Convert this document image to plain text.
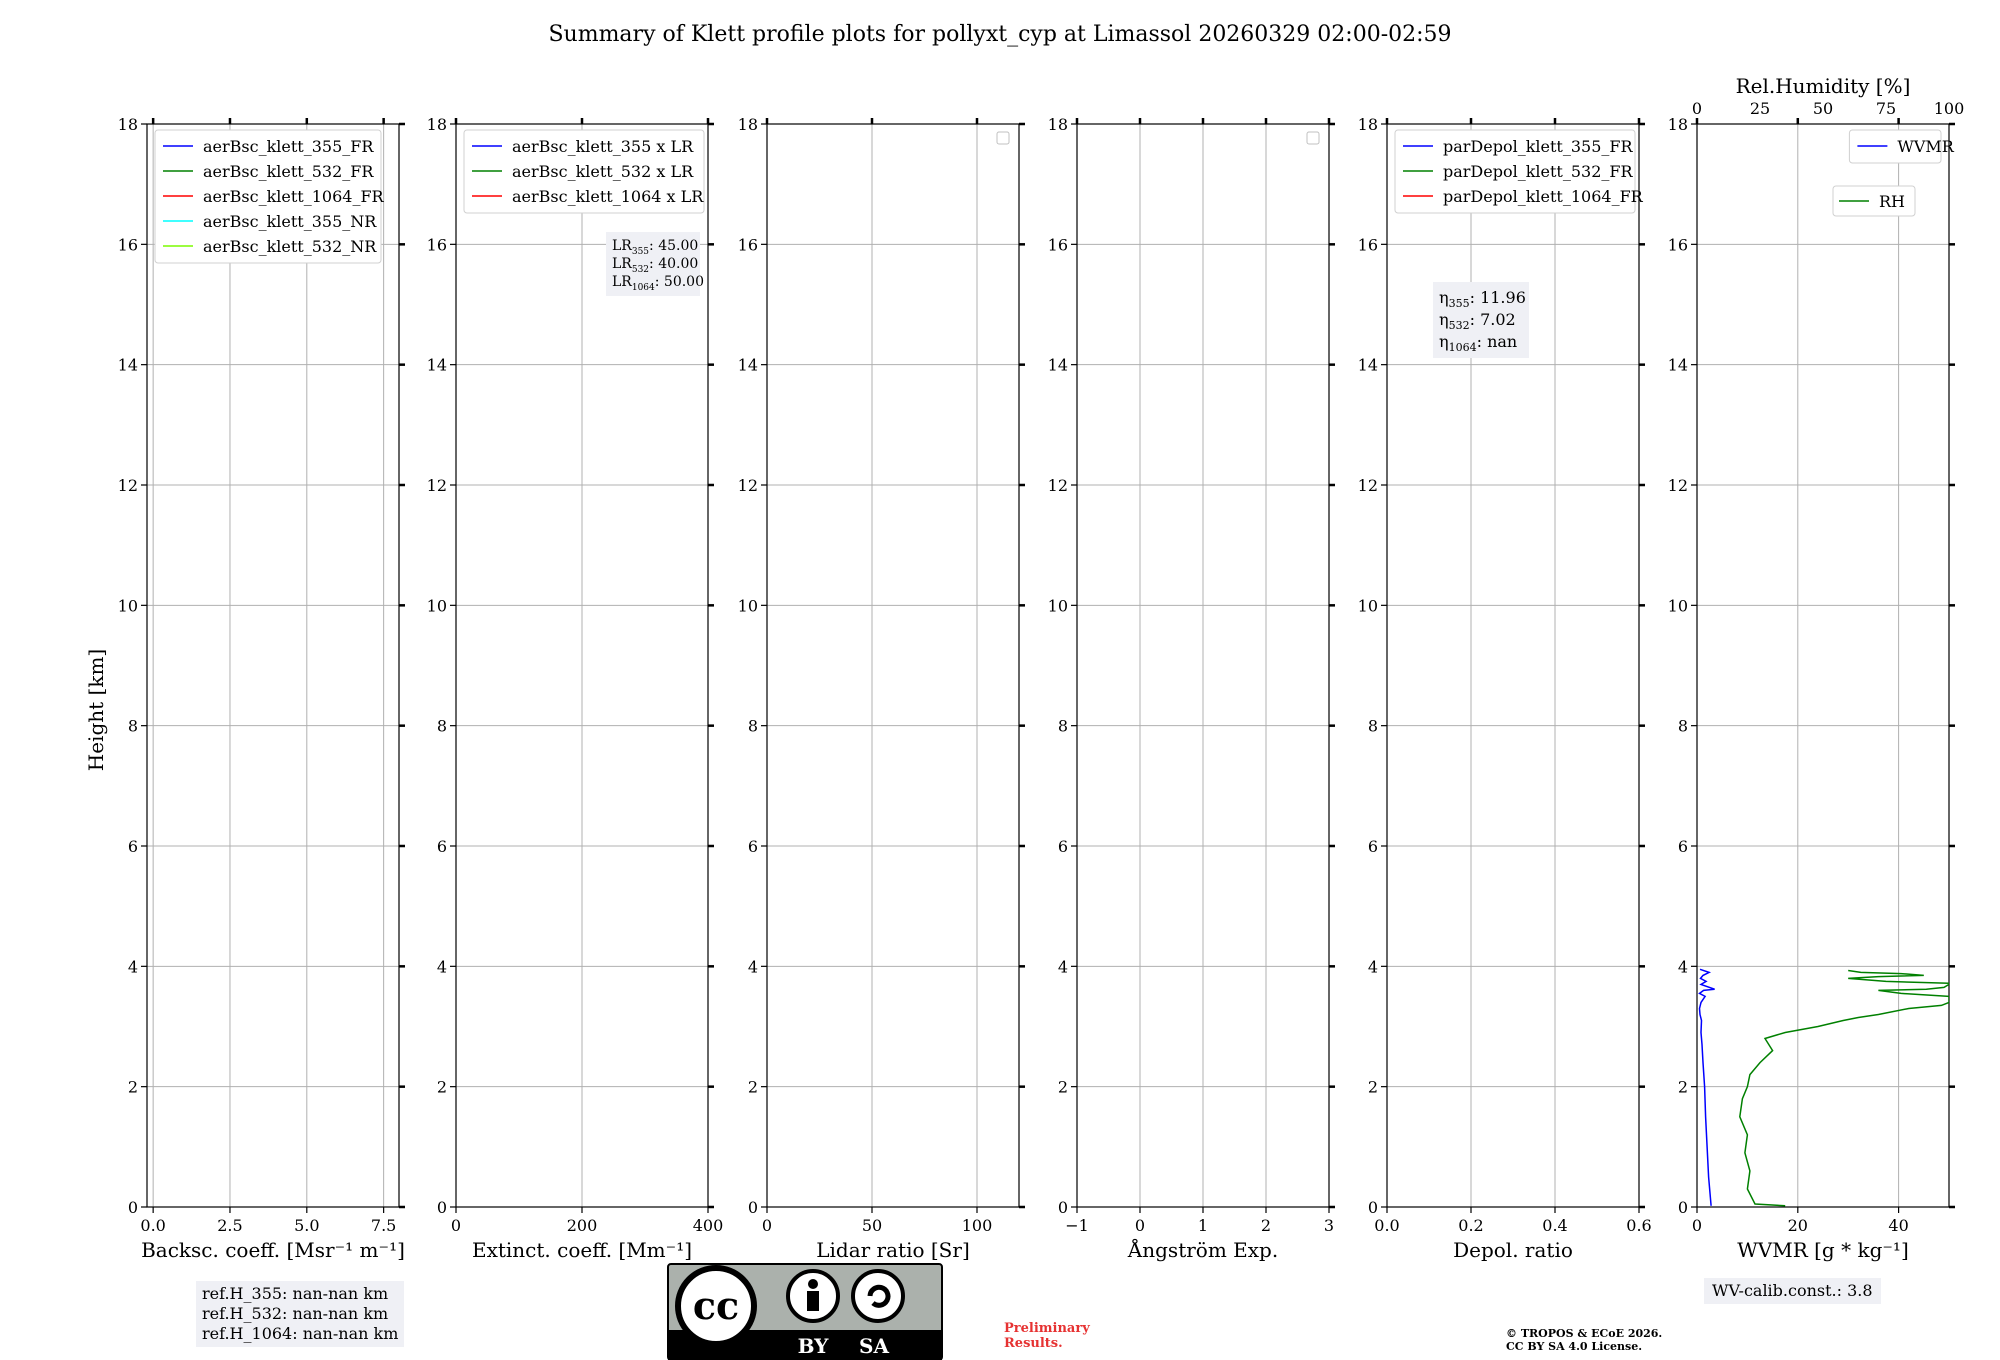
Summary of Klett profile plots for pollyxt_cyp at Limassol 20260329 02:00-02:59
Height [km]
0
2
4
6
8
10
12
14
16
18
0.0	2.5	5.0	7.5
Backsc. coeff. [Msr⁻¹ m⁻¹]
aerBsc_klett_355_FR
aerBsc_klett_532_FR
aerBsc_klett_1064_FR
aerBsc_klett_355_NR
aerBsc_klett_532_NR
0
2
4
6
8
10
12
14
16
18
0	200	400
Extinct. coeff. [Mm⁻¹]
aerBsc_klett_355 x LR
aerBsc_klett_532 x LR
aerBsc_klett_1064 x LR
$LR_{355}$: 45.00
$LR_{532}$: 40.00
$LR_{1064}$: 50.00
0
2
4
6
8
10
12
14
16
18
0	50	100
Lidar ratio [Sr]
0
2
4
6
8
10
12
14
16
18
−1	0	1	2	3
Ångström Exp.
0
2
4
6
8
10
12
14
16
18
0.0	0.2	0.4	0.6
Depol. ratio
parDepol_klett_355_FR
parDepol_klett_532_FR
parDepol_klett_1064_FR
$\eta_{355}$: 11.96
$\eta_{532}$: 7.02
$\eta_{1064}$: nan
0
2
4
6
8
10
12
14
16
18
0	20	40
WVMR [g * kg⁻¹]
WVMR
RH
0	25	50	75 100
Rel.Humidity [%]
cc
BY SA
ref.H_355: nan-nan km
ref.H_532: nan-nan km
ref.H_1064: nan-nan km
WV-calib.const.: 3.8
Preliminary
Results.
© TROPOS & ECoE 2026.
CC BY SA 4.0 License.
